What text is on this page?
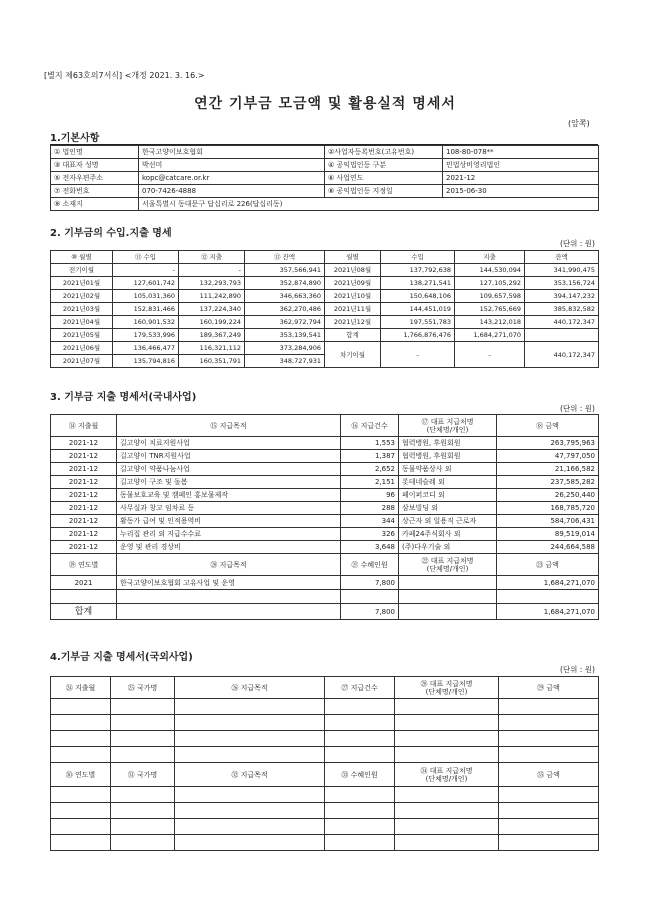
[별지 제63호의7서식] <개정 2021. 3. 16.>
연간 기부금 모금액 및 활용실적 명세서
(앞쪽)
1.기본사항
① 법인명	한국고양이보호협회	②사업자등록번호(고유번호)	108-80-078**
③ 대표자 성명	박선미	④ 공익법인등 구분	민법상비영리법인
⑤ 전자우편주소	kopc@catcare.or.kr	⑥ 사업연도	2021-12
⑦ 전화번호	070-7426-4888	⑧ 공익법인등 지정일	2015-06-30
⑨ 소재지	서울특별시 동대문구 답십리로 226(답십리동)		
2. 기부금의 수입.지출 명세
(단위 : 원)
⑩ 월별	⑪ 수입	⑫ 지출	⑬ 잔액	월별	수입	지출	잔액
전기이월	-	-	357,566,941	2021년08월	137,792,638	144,530,094	341,990,475
2021년01월	127,601,742	132,293,793	352,874,890	2021년09월	138,271,541	127,105,292	353,156,724
2021년02월	105,031,360	111,242,890	346,663,360	2021년10월	150,648,106	109,657,598	394,147,232
2021년03월	152,831,466	137,224,340	362,270,486	2021년11월	144,451,019	152,765,669	385,832,582
2021년04월	160,901,532	160,199,224	362,972,794	2021년12월	197,551,783	143,212,018	440,172,347
2021년05월	179,533,996	189,367,249	353,139,541	합계	1,766,876,476	1,684,271,070	
2021년06월	136,466,477	116,321,112	373,284,906	차기이월	-	-	440,172,347
2021년07월	135,794,816	160,351,791	348,727,931				
3. 기부금 지출 명세서(국내사업)
(단위 : 원)
⑭ 지출월	⑮ 지급목적	⑯ 지급건수	⑰ 대표 지급처명
(단체명/개인)	⑱ 금액
2021-12	길고양이 치료지원사업	1,553	협력병원, 후원회원	263,795,963
2021-12	길고양이 TNR지원사업	1,387	협력병원, 후원회원	47,797,050
2021-12	길고양이 약품나눔사업	2,652	동물약품상사 외	21,166,582
2021-12	길고양이 구조 및 돌봄	2,151	롯데네슬레 외	237,585,282
2021-12	동물보호교육 및 캠페인 홍보물제작	96	페이퍼코디 외	26,250,440
2021-12	사무실과 창고 임차료 등	288	삼보빌딩 외	168,785,720
2021-12	활동가 급여 및 인적용역비	344	상근자 외 일용직 근로자	584,706,431
2021-12	누리집 관리 외 지급수수료	326	카페24주식회사 외	89,519,014
2021-12	운영 및 관리 경상비	3,648	(주)다우기술 외	244,664,588
⑲ 연도별	⑳ 지급목적	㉑ 수혜인원	㉒ 대표 지급처명
(단체명/개인)	㉓ 금액
2021	한국고양이보호협회 고유사업 및 운영	7,800		1,684,271,070

합계		7,800		1,684,271,070
4.기부금 지출 명세서(국외사업)
(단위 : 원)
㉔ 지출월	㉕ 국가명	㉖ 지급목적	㉗ 지급건수	㉘ 대표 지급처명
(단체명/개인)	㉙ 금액

㉚ 연도별	㉛ 국가명	㉜ 지급목적	㉝ 수혜인원	㉞ 대표 지급처명
(단체명/개인)	㉟ 금액
